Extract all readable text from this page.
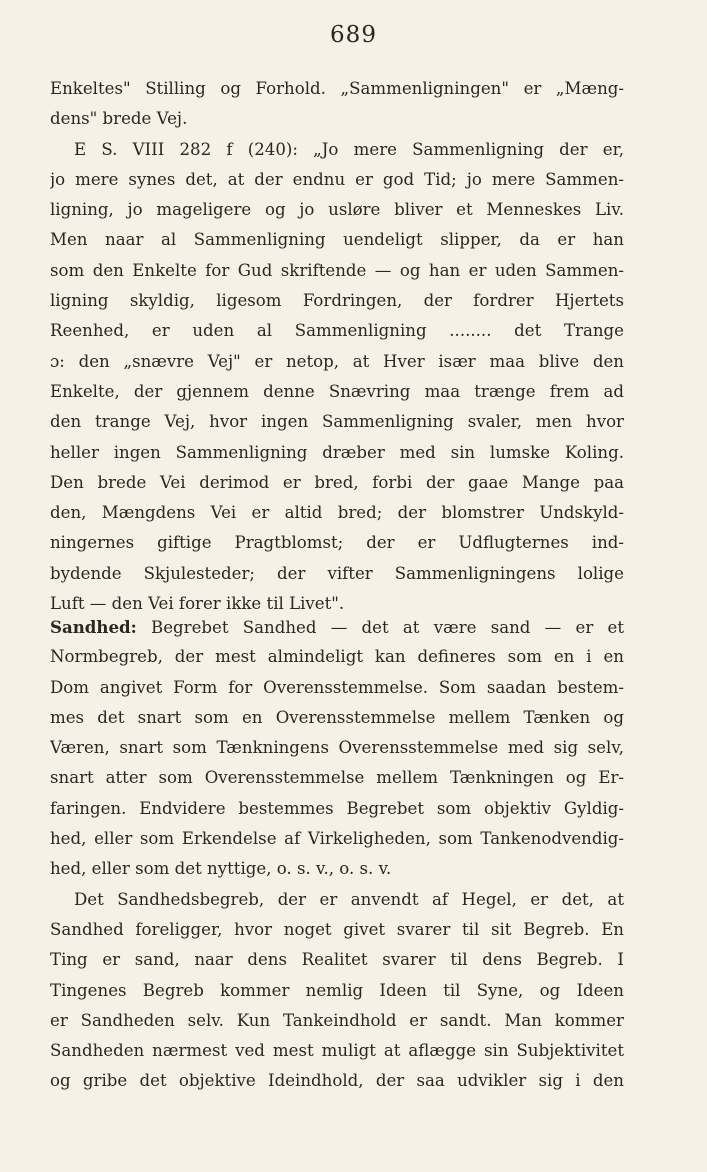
689
Enkeltes" Stilling og Forhold. „Sammenligningen" er „Mæng-
dens" brede Vej.
E S. VIII 282 f (240): „Jo mere Sammenligning der er,
jo mere synes det, at der endnu er god Tid; jo mere Sammen-
ligning, jo mageligere og jo usløre bliver et Menneskes Liv.
Men naar al Sammenligning uendeligt slipper, da er han
som den Enkelte for Gud skriftende — og han er uden Sammen-
ligning skyldig, ligesom Fordringen, der fordrer Hjertets
Reenhed, er uden al Sammenligning ........ det Trange
ɔ: den „snævre Vej" er netop, at Hver især maa blive den
Enkelte, der gjennem denne Snævring maa trænge frem ad
den trange Vej, hvor ingen Sammenligning svaler, men hvor
heller ingen Sammenligning dræber med sin lumske Koling.
Den brede Vei derimod er bred, forbi der gaae Mange paa
den, Mængdens Vei er altid bred; der blomstrer Undskyld-
ningernes giftige Pragtblomst; der er Udflugternes ind-
bydende Skjulesteder; der vifter Sammenligningens lolige
Luft — den Vei forer ikke til Livet".
Sandhed: Begrebet Sandhed — det at være sand — er et
Normbegreb, der mest almindeligt kan defineres som en i en
Dom angivet Form for Overensstemmelse. Som saadan bestem-
mes det snart som en Overensstemmelse mellem Tænken og
Væren, snart som Tænkningens Overensstemmelse med sig selv,
snart atter som Overensstemmelse mellem Tænkningen og Er-
faringen. Endvidere bestemmes Begrebet som objektiv Gyldig-
hed, eller som Erkendelse af Virkeligheden, som Tankenodvendig-
hed, eller som det nyttige, o. s. v., o. s. v.
Det Sandhedsbegreb, der er anvendt af Hegel, er det, at
Sandhed foreligger, hvor noget givet svarer til sit Begreb. En
Ting er sand, naar dens Realitet svarer til dens Begreb. I
Tingenes Begreb kommer nemlig Ideen til Syne, og Ideen
er Sandheden selv. Kun Tankeindhold er sandt. Man kommer
Sandheden nærmest ved mest muligt at aflægge sin Subjektivitet
og gribe det objektive Ideindhold, der saa udvikler sig i den
